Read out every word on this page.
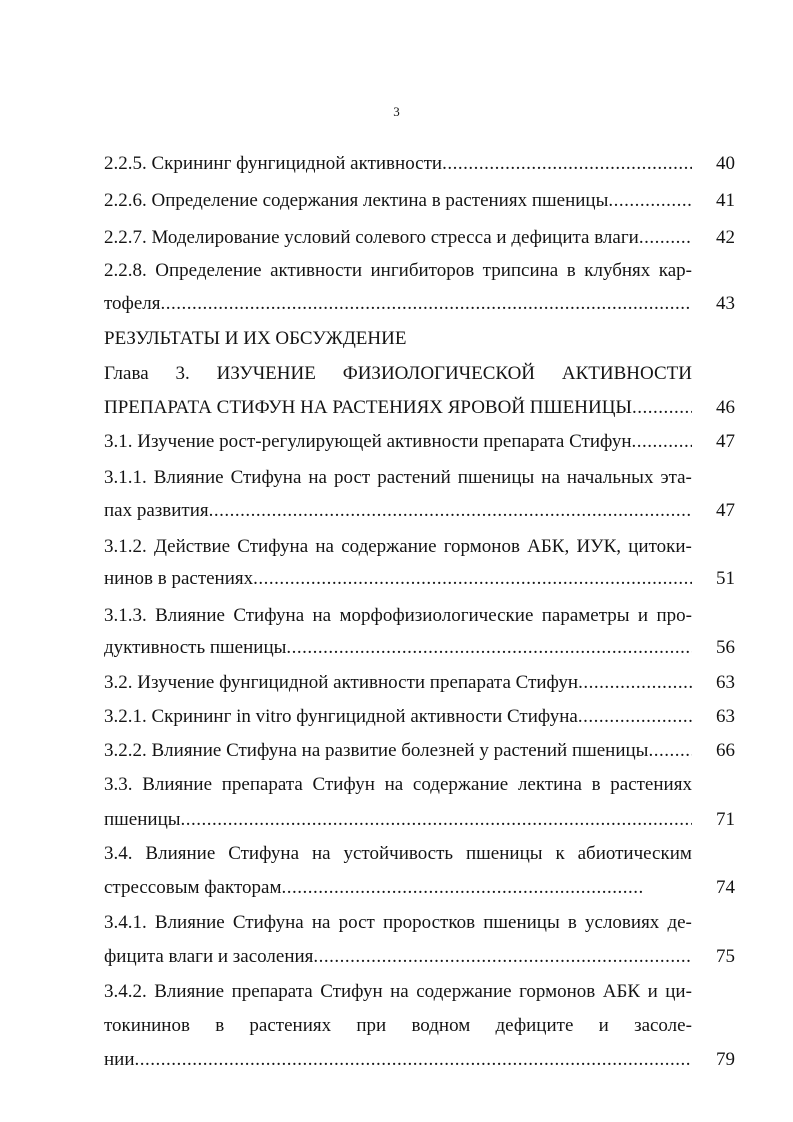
3
2.2.5. Скрининг фунгицидной активности .....	40
2.2.6. Определение содержания лектина в растениях пшеницы .....	41
2.2.7. Моделирование условий солевого стресса и дефицита влаги .....	42
2.2.8. Определение активности ингибиторов трипсина в клубнях кар-
тофеля .....	43
РЕЗУЛЬТАТЫ И ИХ ОБСУЖДЕНИЕ
Глава 3. ИЗУЧЕНИЕ ФИЗИОЛОГИЧЕСКОЙ АКТИВНОСТИ
ПРЕПАРАТА СТИФУН НА РАСТЕНИЯХ ЯРОВОЙ ПШЕНИЦЫ .....	46
3.1. Изучение рост-регулирующей активности препарата Стифун .....	47
3.1.1. Влияние Стифуна на рост растений пшеницы на начальных эта-
пах развития .....	47
3.1.2. Действие Стифуна на содержание гормонов АБК, ИУК, цитоки-
нинов в растениях .....	51
3.1.3. Влияние Стифуна на морфофизиологические параметры и про-
дуктивность пшеницы .....	56
3.2. Изучение фунгицидной активности препарата Стифун .....	63
3.2.1. Скрининг in vitro фунгицидной активности Стифуна .....	63
3.2.2. Влияние Стифуна на развитие болезней у растений пшеницы .....	66
3.3. Влияние препарата Стифун на содержание лектина в растениях
пшеницы .....	71
3.4. Влияние Стифуна на устойчивость пшеницы к абиотическим
стрессовым факторам .....	74
3.4.1. Влияние Стифуна на рост проростков пшеницы в условиях де-
фицита влаги и засоления .....	75
3.4.2. Влияние препарата Стифун на содержание гормонов АБК и ци-
токининов в растениях при водном дефиците и засоле-
нии .....	79
